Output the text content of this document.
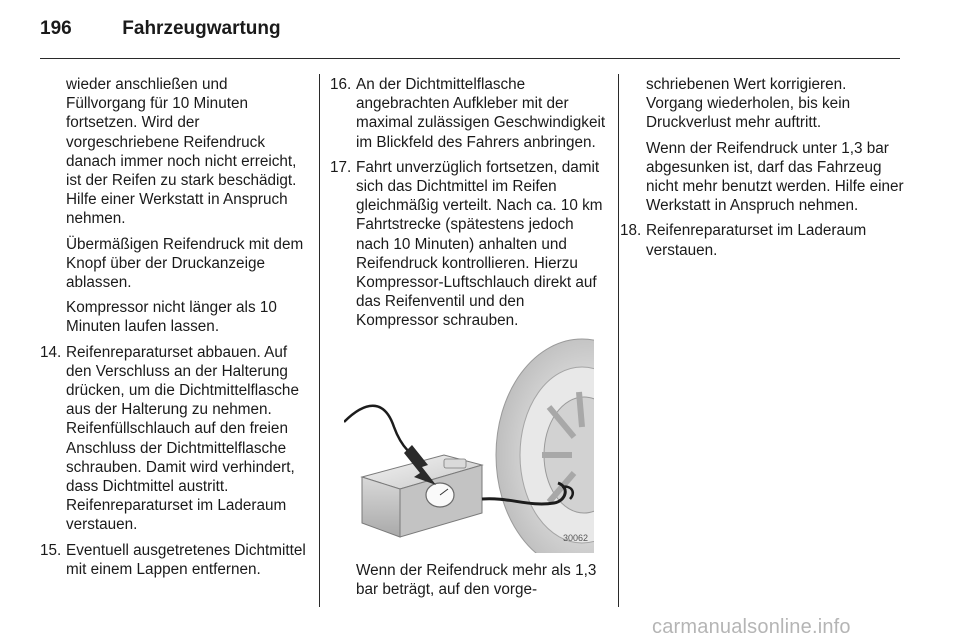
196	Fahrzeugwartung

wieder anschließen und Füllvorgang für 10 Minuten fortsetzen. Wird der vorgeschriebene Reifendruck danach immer noch nicht erreicht, ist der Reifen zu stark beschädigt. Hilfe einer Werkstatt in Anspruch nehmen.

Übermäßigen Reifendruck mit dem Knopf über der Druckanzeige ablassen.

Kompressor nicht länger als 10 Minuten laufen lassen.

14. Reifenreparaturset abbauen. Auf den Verschluss an der Halterung drücken, um die Dichtmittelflasche aus der Halterung zu nehmen. Reifenfüllschlauch auf den freien Anschluss der Dichtmittelflasche schrauben. Damit wird verhindert, dass Dichtmittel austritt. Reifenreparaturset im Laderaum verstauen.
15. Eventuell ausgetretenes Dichtmittel mit einem Lappen entfernen.
16. An der Dichtmittelflasche angebrachten Aufkleber mit der maximal zulässigen Geschwindigkeit im Blickfeld des Fahrers anbringen.
17. Fahrt unverzüglich fortsetzen, damit sich das Dichtmittel im Reifen gleichmäßig verteilt. Nach ca. 10 km Fahrtstrecke (spätestens jedoch nach 10 Minuten) anhalten und Reifendruck kontrollieren. Hierzu Kompressor-Luftschlauch direkt auf das Reifenventil und den Kompressor schrauben.
30062

Wenn der Reifendruck mehr als 1,3 bar beträgt, auf den vorge-

schriebenen Wert korrigieren. Vorgang wiederholen, bis kein Druckverlust mehr auftritt.

Wenn der Reifendruck unter 1,3 bar abgesunken ist, darf das Fahrzeug nicht mehr benutzt werden. Hilfe einer Werkstatt in Anspruch nehmen.

18. Reifenreparaturset im Laderaum verstauen.
carmanualsonline.info
